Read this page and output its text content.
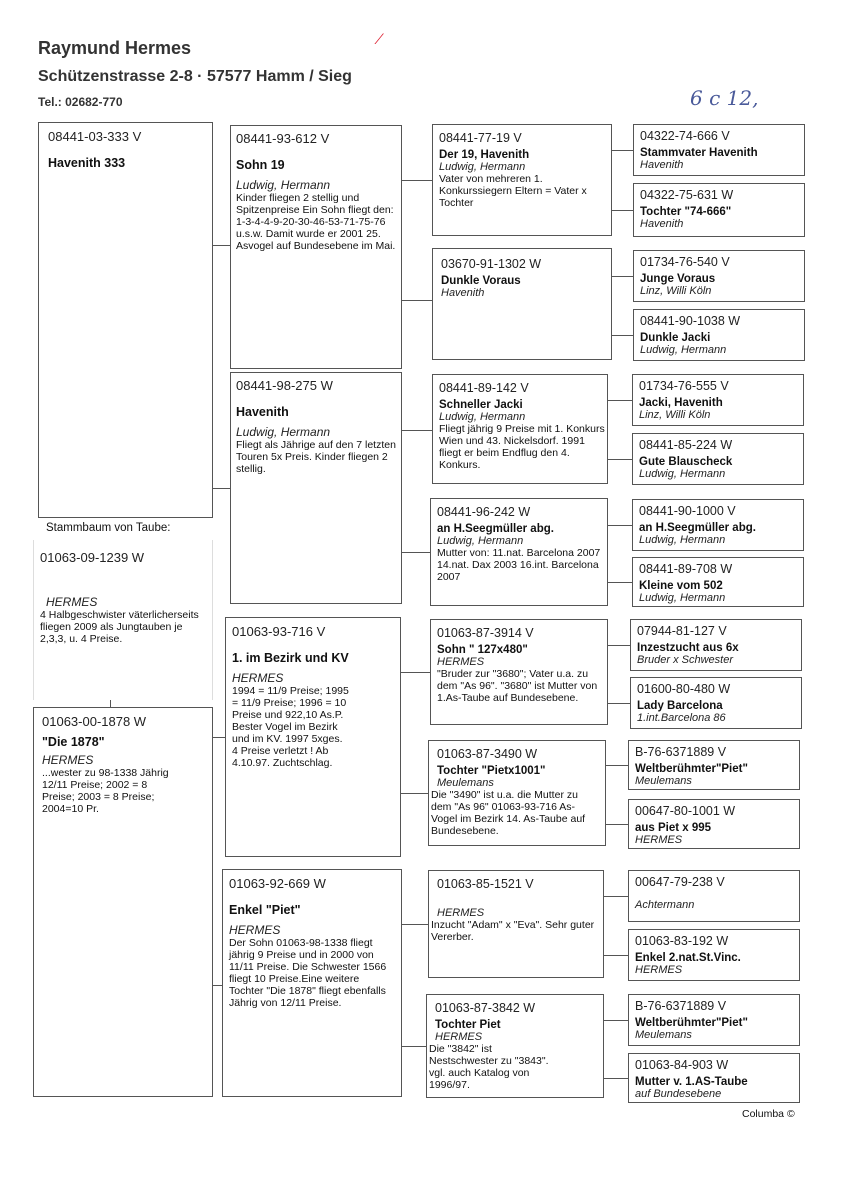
Raymund Hermes
Schützenstrasse 2-8 · 57577 Hamm / Sieg
Tel.: 02682-770	6 c 12,
⁄
08441-03-333 V
Havenith 333
Stammbaum von Taube:
01063-09-1239 W
HERMES
4 Halbgeschwister väterlicherseits fliegen 2009 als Jungtauben je 2,3,3, u. 4 Preise.
01063-00-1878 W
"Die 1878"
HERMES
...wester zu 98-1338 Jährig 12/11 Preise; 2002 = 8 Preise; 2003 = 8 Preise; 2004=10 Pr.
08441-93-612 V
Sohn 19
Ludwig, Hermann
Kinder fliegen 2 stellig und Spitzenpreise Ein Sohn fliegt den: 1-3-4-4-9-20-30-46-53-71-75-76 u.s.w. Damit wurde er 2001 25. Asvogel auf Bundesebene im Mai.
08441-98-275 W
Havenith
Ludwig, Hermann
Fliegt als Jährige auf den 7 letzten Touren 5x Preis. Kinder fliegen 2 stellig.
01063-93-716 V
1. im Bezirk und KV
HERMES
1994 = 11/9 Preise; 1995 = 11/9 Preise; 1996 = 10 Preise und 922,10 As.P. Bester Vogel im Bezirk und im KV. 1997 5xges. 4 Preise verletzt ! Ab 4.10.97. Zuchtschlag.
01063-92-669 W
Enkel "Piet"
HERMES
Der Sohn 01063-98-1338 fliegt jährig 9 Preise und in 2000 von 11/11 Preise. Die Schwester 1566 fliegt 10 Preise.Eine weitere Tochter "Die 1878" fliegt ebenfalls Jährig von 12/11 Preise.
08441-77-19 V
Der 19, Havenith
Ludwig, Hermann
Vater von mehreren 1. Konkurssiegern Eltern = Vater x Tochter
03670-91-1302 W
Dunkle Voraus
Havenith
08441-89-142 V
Schneller Jacki
Ludwig, Hermann
Fliegt jährig 9 Preise mit 1. Konkurs Wien und 43. Nickelsdorf. 1991 fliegt er beim Endflug den 4. Konkurs.
08441-96-242 W
an H.Seegmüller abg.
Ludwig, Hermann
Mutter von: 11.nat. Barcelona 2007 14.nat. Dax 2003 16.int. Barcelona 2007
01063-87-3914 V
Sohn " 127x480"
HERMES
"Bruder zur "3680"; Vater u.a. zu dem "As 96". "3680" ist Mutter von 1.As-Taube auf Bundesebene.
01063-87-3490 W
Tochter "Pietx1001"
Meulemans
Die "3490" ist u.a. die Mutter zu dem "As 96" 01063-93-716 As-Vogel im Bezirk 14. As-Taube auf Bundesebene.
01063-85-1521 V
HERMES
Inzucht "Adam" x "Eva". Sehr guter Vererber.
01063-87-3842 W
Tochter Piet
HERMES
Die "3842" ist Nestschwester zu "3843". vgl. auch Katalog von 1996/97.
04322-74-666 V
Stammvater Havenith
Havenith
04322-75-631 W
Tochter "74-666"
Havenith
01734-76-540 V
Junge Voraus
Linz, Willi Köln
08441-90-1038 W
Dunkle Jacki
Ludwig, Hermann
01734-76-555 V
Jacki, Havenith
Linz, Willi Köln
08441-85-224 W
Gute Blauscheck
Ludwig, Hermann
08441-90-1000 V
an H.Seegmüller abg.
Ludwig, Hermann
08441-89-708 W
Kleine vom 502
Ludwig, Hermann
07944-81-127 V
Inzestzucht aus 6x
Bruder x Schwester
01600-80-480 W
Lady Barcelona
1.int.Barcelona 86
B-76-6371889 V
Weltberühmter"Piet"
Meulemans
00647-80-1001 W
aus Piet x 995
HERMES
00647-79-238 V
Achtermann
01063-83-192 W
Enkel 2.nat.St.Vinc.
HERMES
B-76-6371889 V
Weltberühmter"Piet"
Meulemans
01063-84-903 W
Mutter v. 1.AS-Taube
auf Bundesebene
Columba ©
